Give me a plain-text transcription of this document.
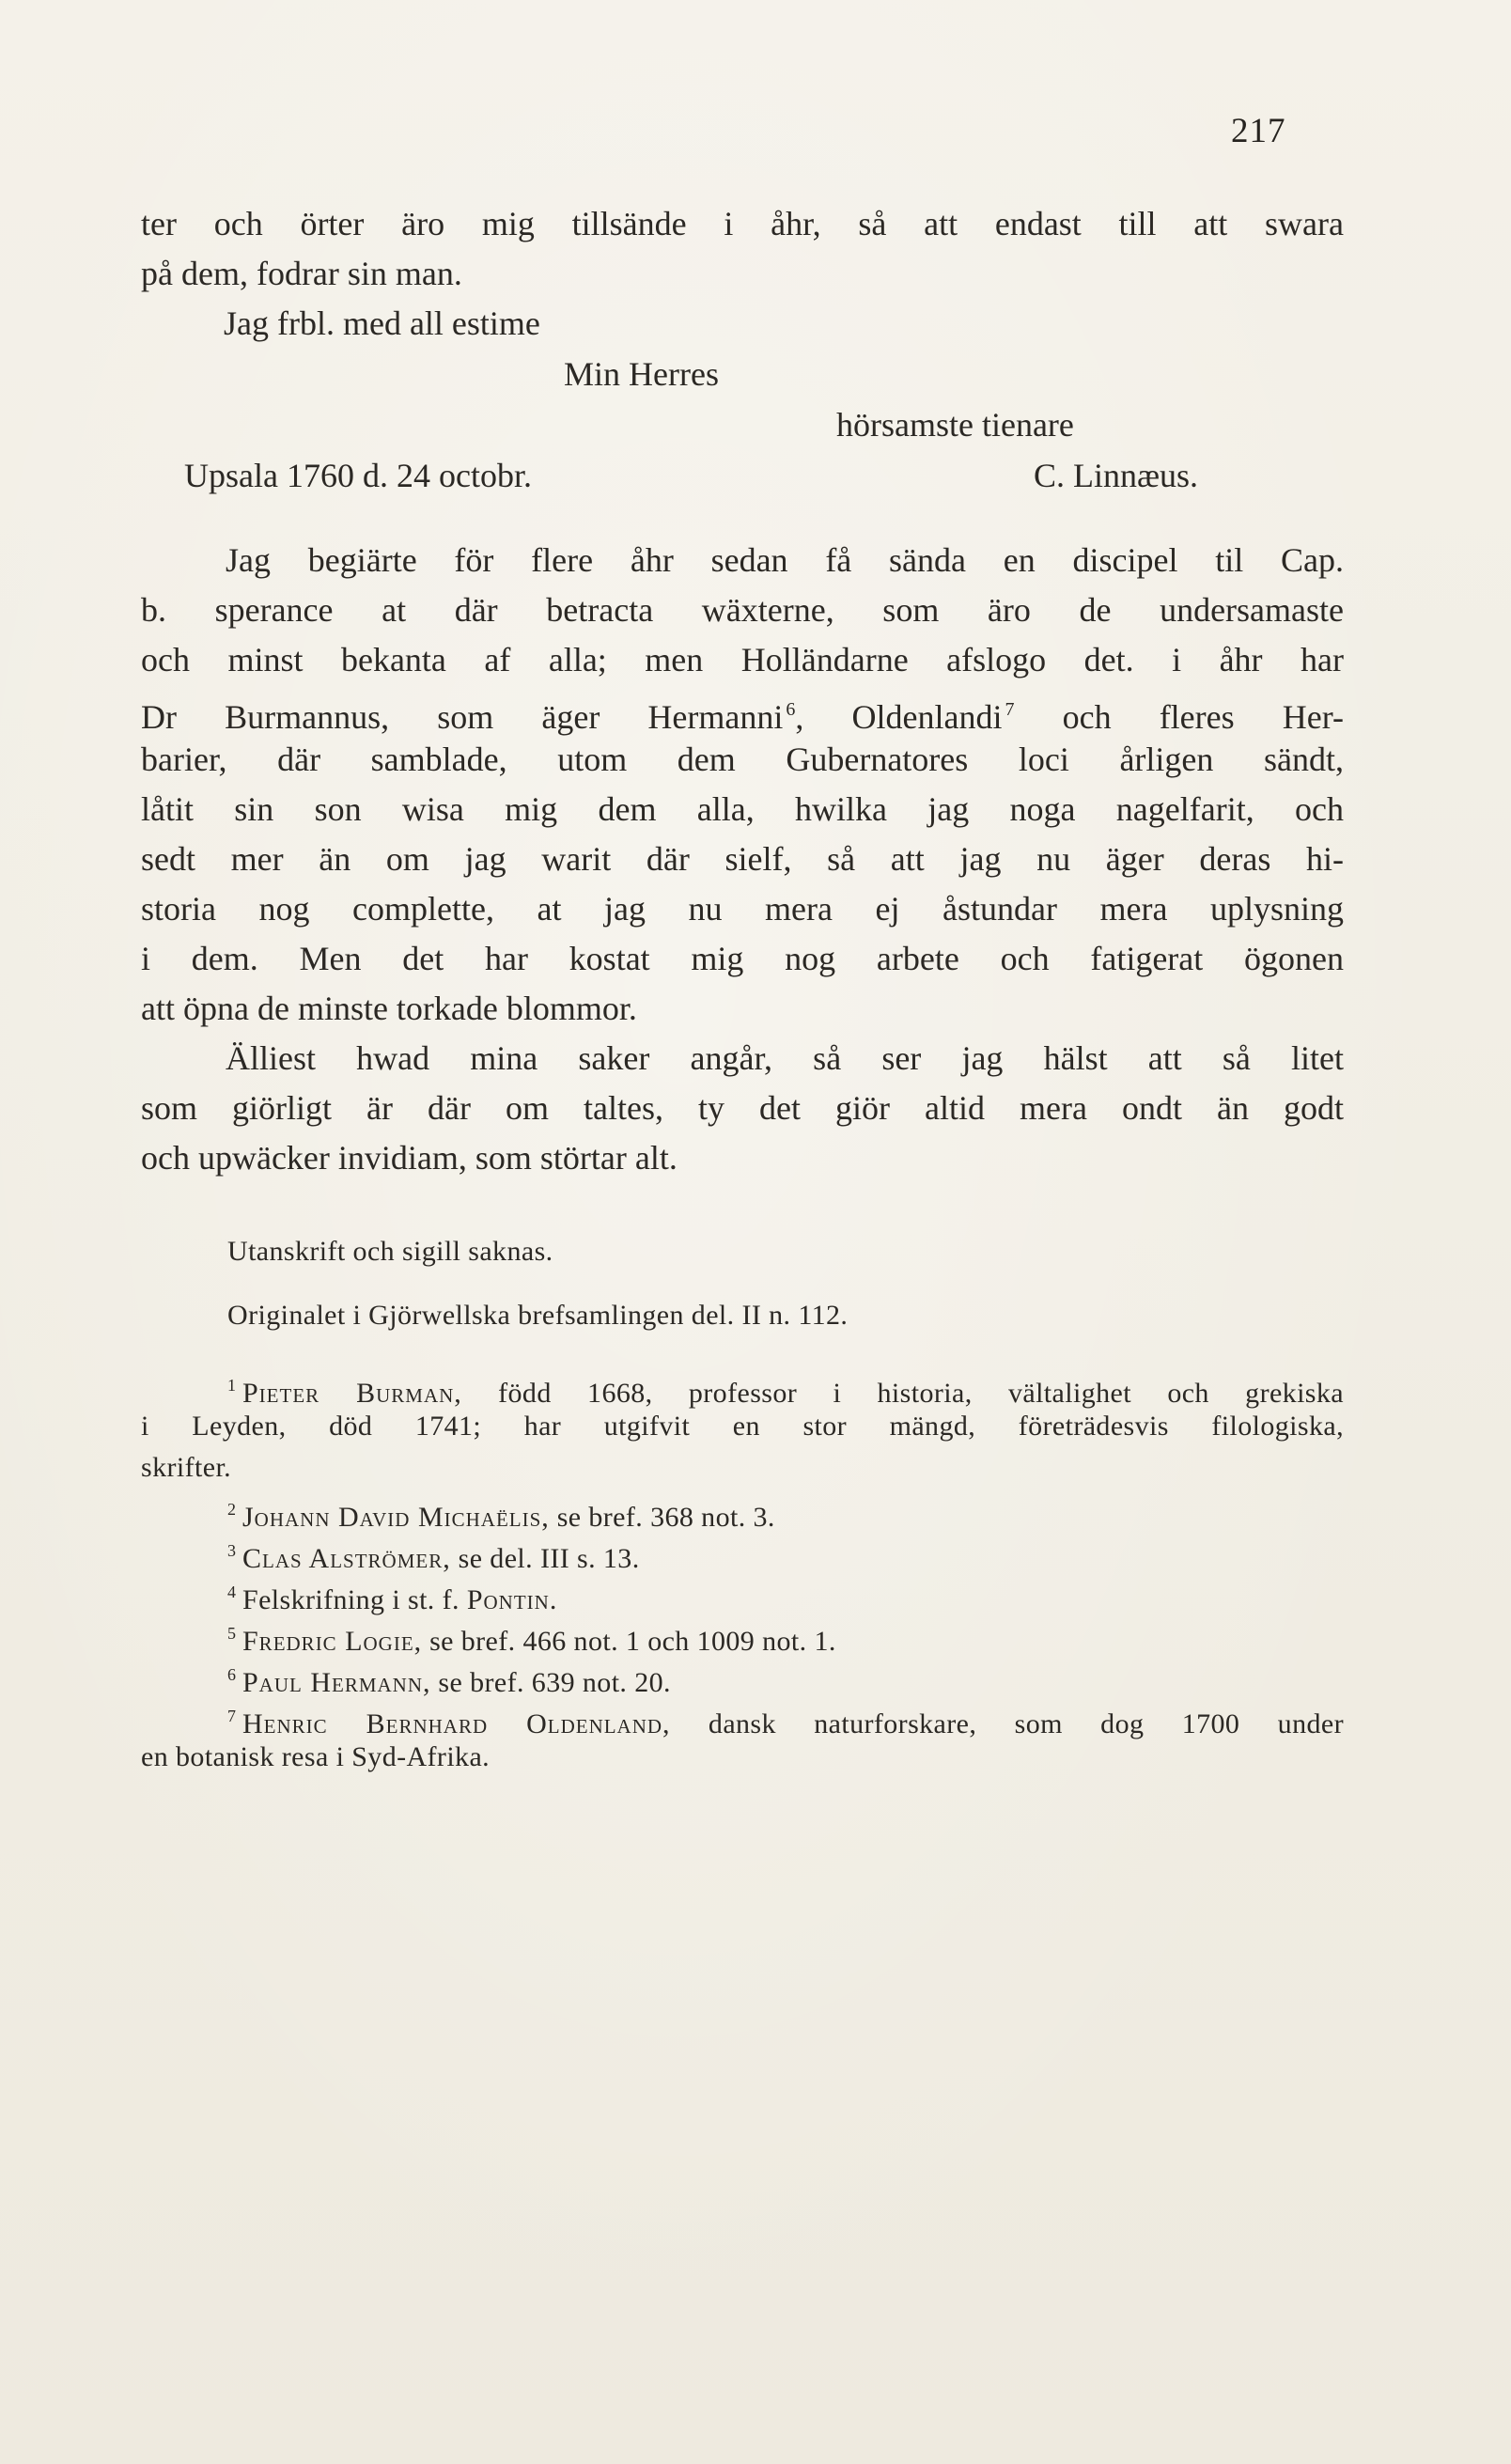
217
ter och örter äro mig tillsände i åhr, så att endast till att swara
på dem, fodrar sin man.
Jag frbl. med all estime
Min Herres
hörsamste tienare
Upsala 1760 d. 24 octobr.	C. Linnæus.
Jag begiärte för flere åhr sedan få sända en discipel til Cap.
b. sperance at där betracta wäxterne, som äro de undersamaste
och minst bekanta af alla; men Holländarne afslogo det. i åhr har
Dr Burmannus, som äger Hermanni $^6$, Oldenlandi $^7$ och fleres Her-
barier, där samblade, utom dem Gubernatores loci årligen sändt,
låtit sin son wisa mig dem alla, hwilka jag noga nagelfarit, och
sedt mer än om jag warit där sielf, så att jag nu äger deras hi-
storia nog complette, at jag nu mera ej åstundar mera uplysning
i dem. Men det har kostat mig nog arbete och fatigerat ögonen
att öpna de minste torkade blommor.
Älliest hwad mina saker angår, så ser jag hälst att så litet
som giörligt är där om taltes, ty det giör altid mera ondt än godt
och upwäcker invidiam, som störtar alt.
Utanskrift och sigill saknas.
Originalet i Gjörwellska brefsamlingen del. II n. 112.
1 Pieter Burman, född 1668, professor i historia, vältalighet och grekiska
i Leyden, död 1741; har utgifvit en stor mängd, företrädesvis filologiska,
skrifter.
2 Johann David Michaëlis, se bref. 368 not. 3.
3 Clas Alströmer, se del. III s. 13.
4 Felskrifning i st. f. Pontin.
5 Fredric Logie, se bref. 466 not. 1 och 1009 not. 1.
6 Paul Hermann, se bref. 639 not. 20.
7 Henric Bernhard Oldenland, dansk naturforskare, som dog 1700 under
en botanisk resa i Syd-Afrika.
